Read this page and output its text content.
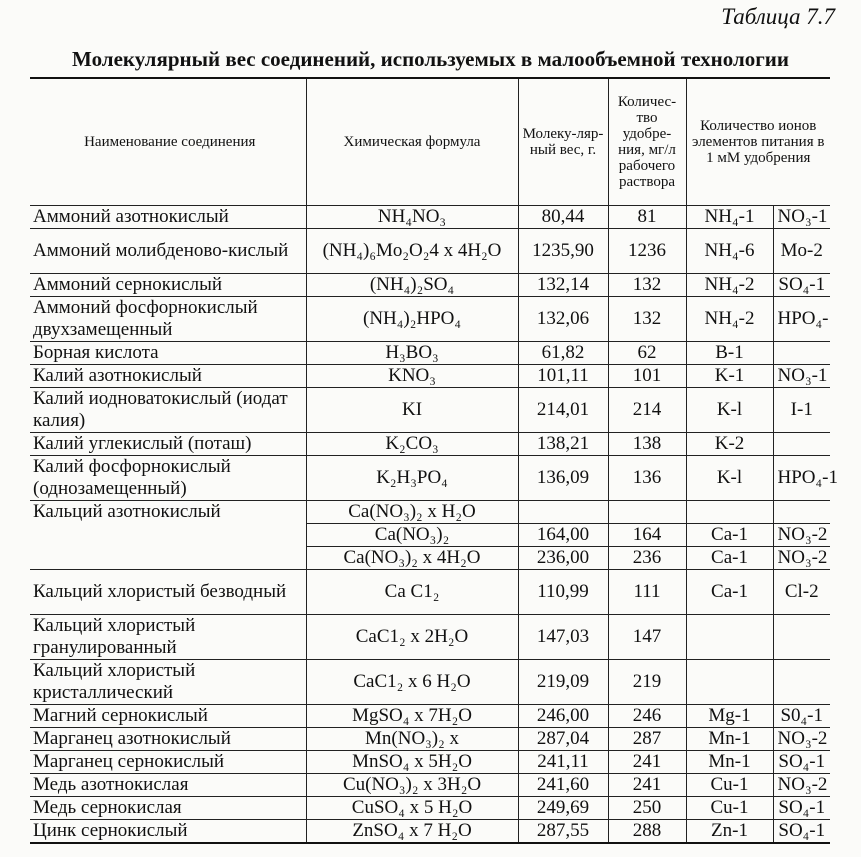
Таблица 7.7
Молекулярный вес соединений, используемых в малообъемной технологии
Наименование соединения	Химическая формула	Молеку-ляр-ный вес, г.	Количес-тво удобре-ния, мг/л рабочего раствора	Количество ионов элементов питания в 1 мМ удобрения	
Аммоний азотнокислый	NH₄NO₃	80,44	81	NH₄-1	NO₃-1
Аммоний молибденово-кислый	(NH₄)₆Mo₂O₂4 x 4H₂O	1235,90	1236	NH₄-6	Mo-2
Аммоний сернокислый	(NH₄)₂SO₄	132,14	132	NH₄-2	SO₄-1
Аммоний фосфорнокислый двухзамещенный	(NH₄)₂HPO₄	132,06	132	NH₄-2	HPO₄-
Борная кислота	H₃BO₃	61,82	62	B-1	
Калий азотнокислый	KNO₃	101,11	101	K-1	NO₃-1
Калий иодноватокислый (иодат калия)	KI	214,01	214	K-l	I-1
Калий углекислый (поташ)	K₂CO₃	138,21	138	K-2	
Калий фосфорнокислый (однозамещенный)	K₂H₃PO₄	136,09	136	K-l	HPO₄-1
Кальций азотнокислый	Ca(NO₃)₂ x H₂O				
	Ca(NO₃)₂	164,00	164	Ca-1	NO₃-2
	Ca(NO₃)₂ x 4H₂O	236,00	236	Ca-1	NO₃-2
Кальций хлористый безводный	Ca C1₂	110,99	111	Ca-1	Cl-2
Кальций хлористый гранулированный	CaC1₂ x 2H₂O	147,03	147		
Кальций хлористый кристаллический	CaC1₂ x 6 H₂O	219,09	219		
Магний сернокислый	MgSO₄ x 7H₂O	246,00	246	Mg-1	S0₄-1
Марганец азотнокислый	Mn(NO₃)₂ x	287,04	287	Mn-1	NO₃-2
Марганец сернокислый	MnSO₄ x 5H₂O	241,11	241	Mn-1	SO₄-1
Медь азотнокислая	Cu(NO₃)₂ x 3H₂O	241,60	241	Cu-1	NO₃-2
Медь сернокислая	CuSO₄ x 5 H₂O	249,69	250	Cu-1	SO₄-1
Цинк сернокислый	ZnSO₄ x 7 H₂O	287,55	288	Zn-1	SO₄-1
